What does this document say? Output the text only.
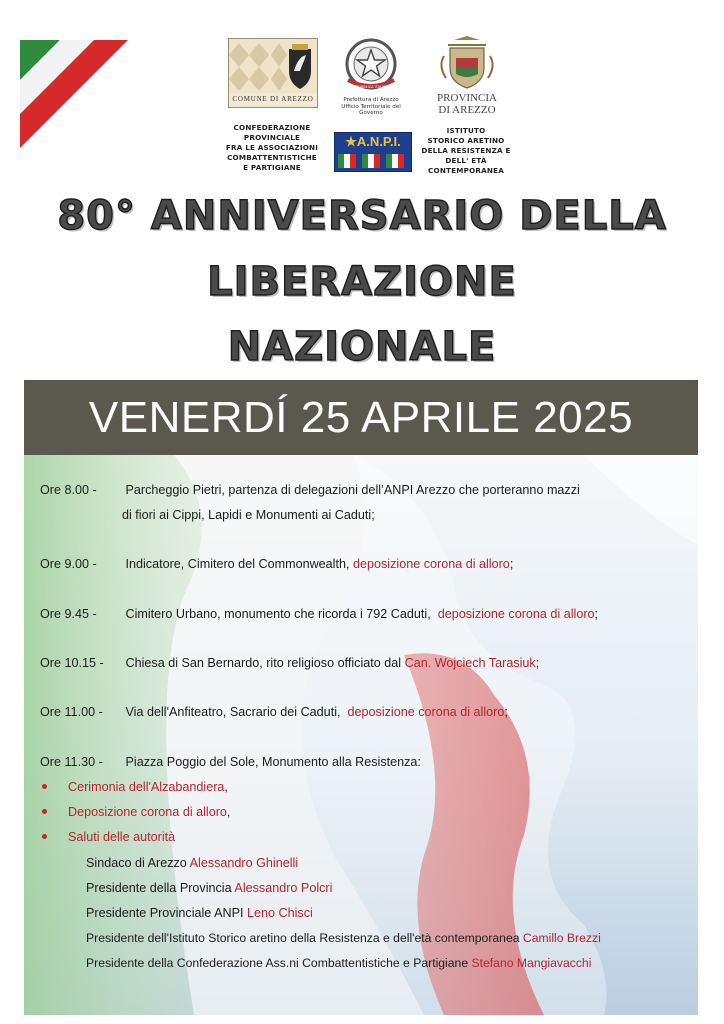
COMUNE DI AREZZO
REPUBBLICA ITALIANA
Prefettura di Arezzo
Ufficio Territoriale del Governo
PROVINCIA
DI AREZZO
CONFEDERAZIONE
PROVINCIALE
FRA LE ASSOCIAZIONI
COMBATTENTISTICHE
E PARTIGIANE
★A.N.P.I.
ISTITUTO
STORICO ARETINO
DELLA RESISTENZA E
DELL' ETÀ
CONTEMPORANEA
80° ANNIVERSARIO DELLA
LIBERAZIONE
NAZIONALE
VENERDÍ 25 APRILE 2025
Ore 8.00 - Parcheggio Pietri, partenza di delegazioni dell’ANPI Arezzo che porteranno mazzi
di fiori ai Cippi, Lapidi e Monumenti ai Caduti;
Ore 9.00 - Indicatore, Cimitero del Commonwealth, deposizione corona di alloro;
Ore 9.45 - Cimitero Urbano, monumento che ricorda i 792 Caduti, deposizione corona di alloro;
Ore 10.15 - Chiesa di San Bernardo, rito religioso officiato dal Can. Wojciech Tarasiuk;
Ore 11.00 - Via dell'Anfiteatro, Sacrario dei Caduti, deposizione corona di alloro;
Ore 11.30 - Piazza Poggio del Sole, Monumento alla Resistenza:
Cerimonia dell'Alzabandiera,
Deposizione corona di alloro,
Saluti delle autorità
Sindaco di Arezzo Alessandro Ghinelli
Presidente della Provincia Alessandro Polcri
Presidente Provinciale ANPI Leno Chisci
Presidente dell'Istituto Storico aretino della Resistenza e dell'età contemporanea Camillo Brezzi
Presidente della Confederazione Ass.ni Combattentistiche e Partigiane Stefano Mangiavacchi
